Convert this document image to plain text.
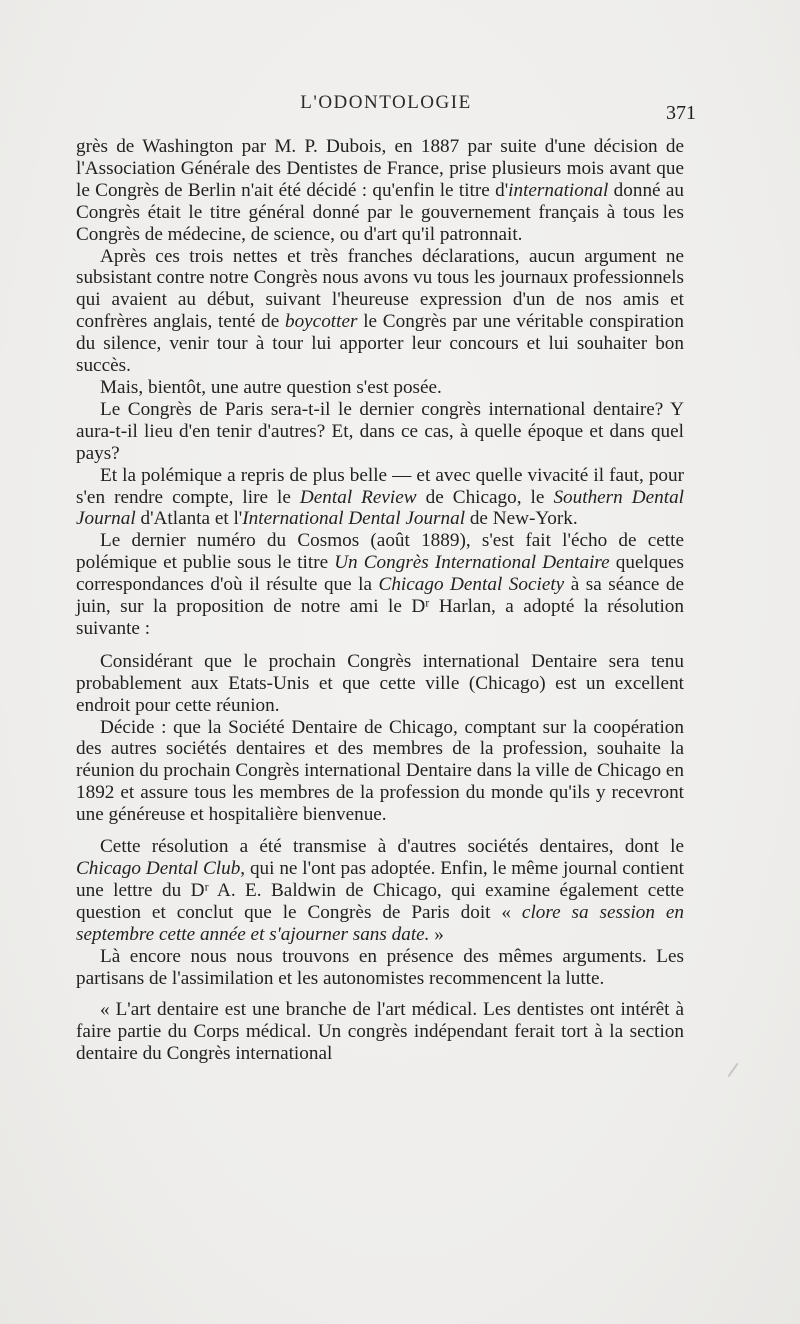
L'ODONTOLOGIE	371

grès de Washington par M. P. Dubois, en 1887 par suite d'une décision de l'Association Générale des Dentistes de France, prise plusieurs mois avant que le Congrès de Berlin n'ait été décidé : qu'enfin le titre d'international donné au Congrès était le titre général donné par le gouvernement français à tous les Congrès de médecine, de science, ou d'art qu'il patronnait.

Après ces trois nettes et très franches déclarations, aucun argument ne subsistant contre notre Congrès nous avons vu tous les journaux professionnels qui avaient au début, suivant l'heureuse expression d'un de nos amis et confrères anglais, tenté de boycotter le Congrès par une véritable conspiration du silence, venir tour à tour lui apporter leur concours et lui souhaiter bon succès.

Mais, bientôt, une autre question s'est posée.

Le Congrès de Paris sera-t-il le dernier congrès international dentaire? Y aura-t-il lieu d'en tenir d'autres? Et, dans ce cas, à quelle époque et dans quel pays?

Et la polémique a repris de plus belle — et avec quelle vivacité il faut, pour s'en rendre compte, lire le Dental Review de Chicago, le Southern Dental Journal d'Atlanta et l'International Dental Journal de New-York.

Le dernier numéro du Cosmos (août 1889), s'est fait l'écho de cette polémique et publie sous le titre Un Congrès International Dentaire quelques correspondances d'où il résulte que la Chicago Dental Society à sa séance de juin, sur la proposition de notre ami le Dʳ Harlan, a adopté la résolution suivante :

Considérant que le prochain Congrès international Dentaire sera tenu probablement aux Etats-Unis et que cette ville (Chicago) est un excellent endroit pour cette réunion.

Décide : que la Société Dentaire de Chicago, comptant sur la coopération des autres sociétés dentaires et des membres de la profession, souhaite la réunion du prochain Congrès international Dentaire dans la ville de Chicago en 1892 et assure tous les membres de la profession du monde qu'ils y recevront une généreuse et hospitalière bienvenue.

Cette résolution a été transmise à d'autres sociétés dentaires, dont le Chicago Dental Club, qui ne l'ont pas adoptée. Enfin, le même journal contient une lettre du Dʳ A. E. Baldwin de Chicago, qui examine également cette question et conclut que le Congrès de Paris doit « clore sa session en septembre cette année et s'ajourner sans date. »

Là encore nous nous trouvons en présence des mêmes arguments. Les partisans de l'assimilation et les autonomistes recommencent la lutte.

« L'art dentaire est une branche de l'art médical. Les dentistes ont intérêt à faire partie du Corps médical. Un congrès indépendant ferait tort à la section dentaire du Congrès international
